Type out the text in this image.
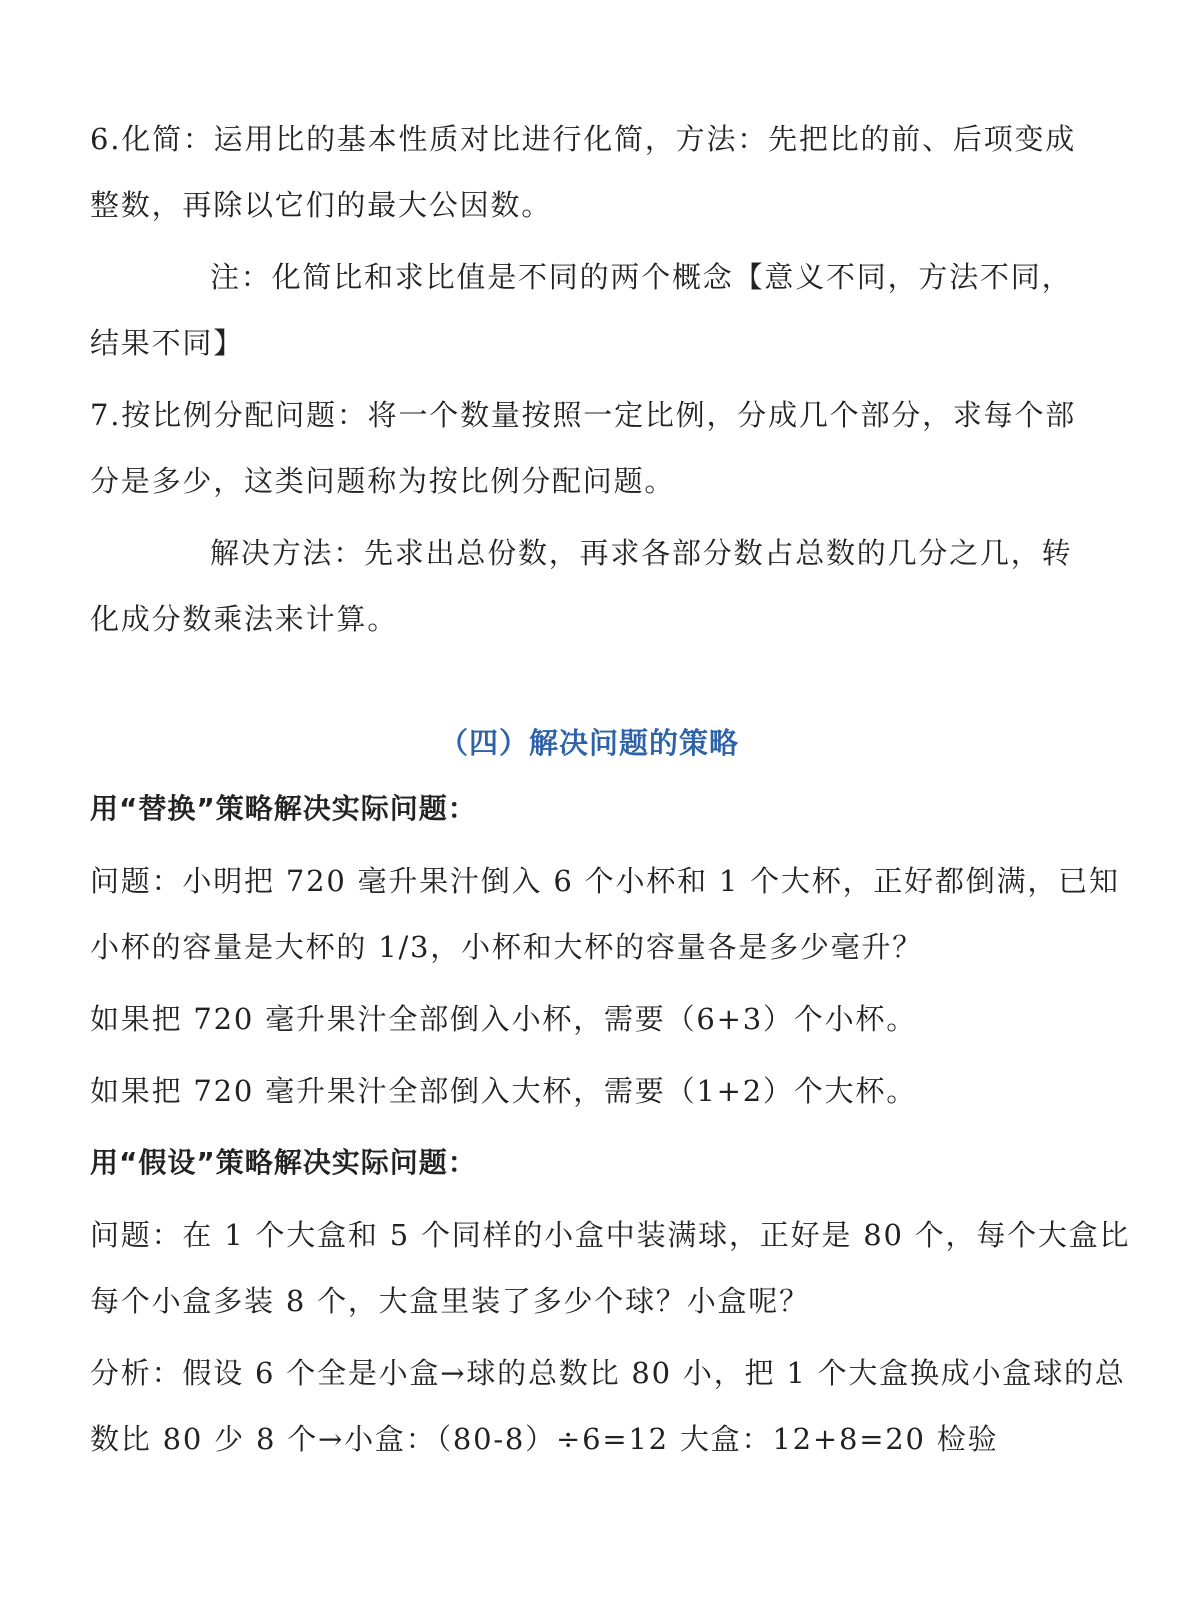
6.化简：运用比的基本性质对比进行化简，方法：先把比的前、后项变成
整数，再除以它们的最大公因数。
注：化简比和求比值是不同的两个概念【意义不同，方法不同，
结果不同】
7.按比例分配问题：将一个数量按照一定比例，分成几个部分，求每个部
分是多少，这类问题称为按比例分配问题。
解决方法：先求出总份数，再求各部分数占总数的几分之几，转
化成分数乘法来计算。
（四）解决问题的策略
用“替换”策略解决实际问题：
问题：小明把 720 毫升果汁倒入 6 个小杯和 1 个大杯，正好都倒满，已知
小杯的容量是大杯的 1/3，小杯和大杯的容量各是多少毫升？
如果把 720 毫升果汁全部倒入小杯，需要（6+3）个小杯。
如果把 720 毫升果汁全部倒入大杯，需要（1+2）个大杯。
用“假设”策略解决实际问题：
问题：在 1 个大盒和 5 个同样的小盒中装满球，正好是 80 个，每个大盒比
每个小盒多装 8 个，大盒里装了多少个球？小盒呢？
分析：假设 6 个全是小盒→球的总数比 80 小，把 1 个大盒换成小盒球的总
数比 80 少 8 个→小盒：（80-8）÷6=12 大盒：12+8=20 检验
